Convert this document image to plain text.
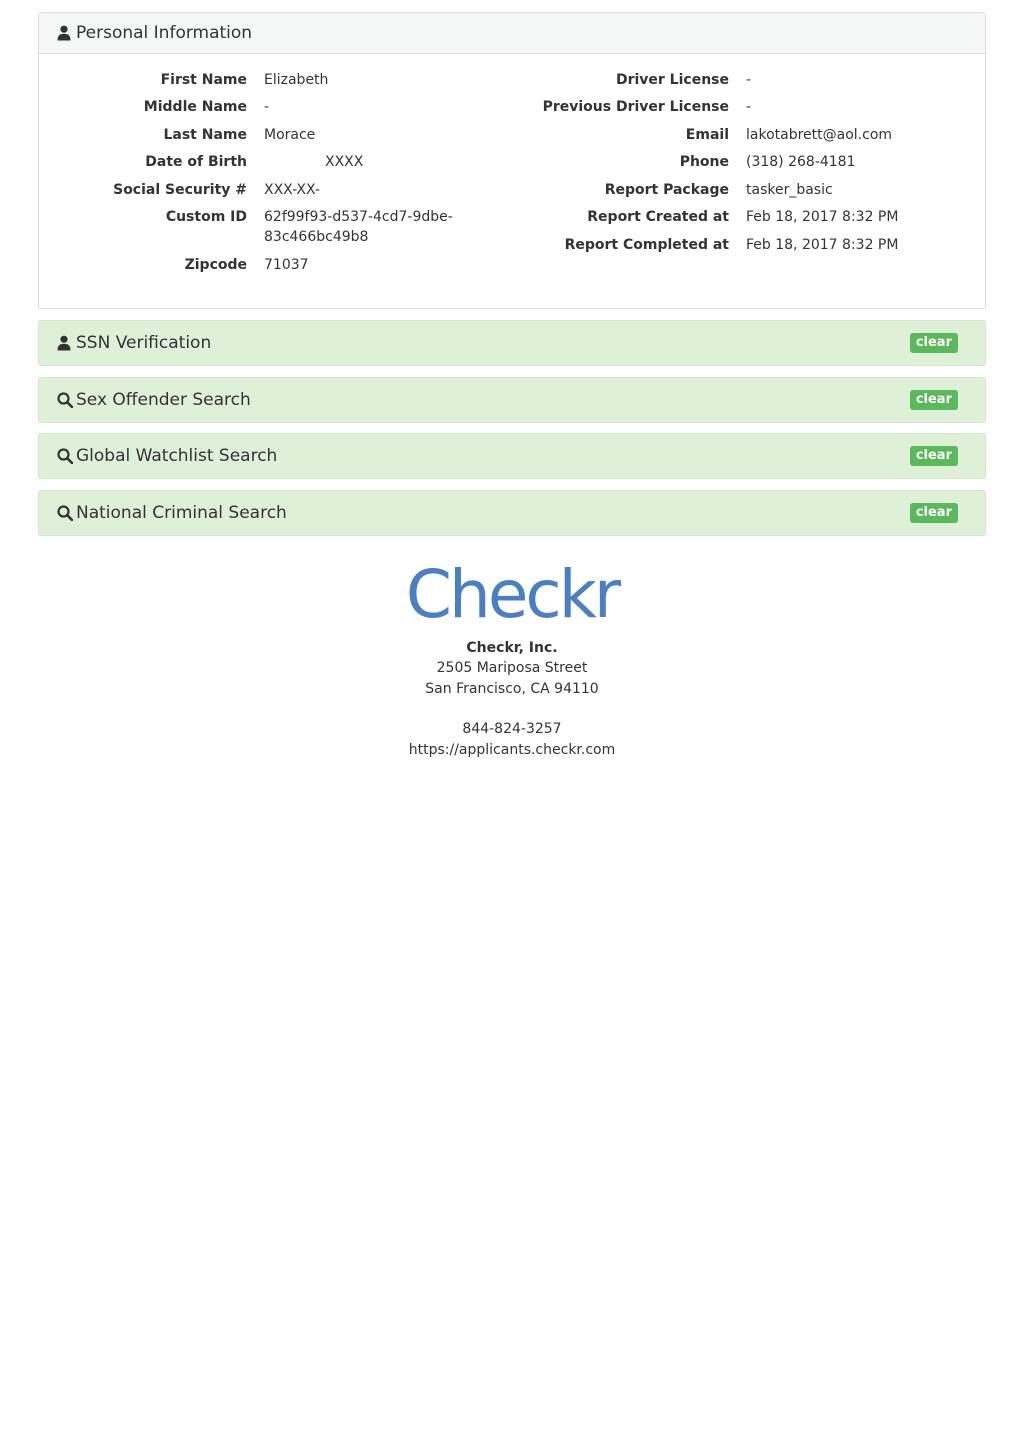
Personal Information
First Name Elizabeth
Middle Name -
Last Name Morace
Date of Birth	XXXX
Social Security # XXX-XX-
Custom ID 62f99f93-d537-4cd7-9dbe-83c466bc49b8
Zipcode 71037
Driver License -
Previous Driver License -
Email lakotabrett@aol.com
Phone (318) 268-4181
Report Package tasker_basic
Report Created at Feb 18, 2017 8:32 PM
Report Completed at Feb 18, 2017 8:32 PM
SSN Verification	clear
Sex Offender Search	clear
Global Watchlist Search	clear
National Criminal Search	clear
Checkr
Checkr, Inc.
2505 Mariposa Street
San Francisco, CA 94110
844-824-3257
https://applicants.checkr.com
